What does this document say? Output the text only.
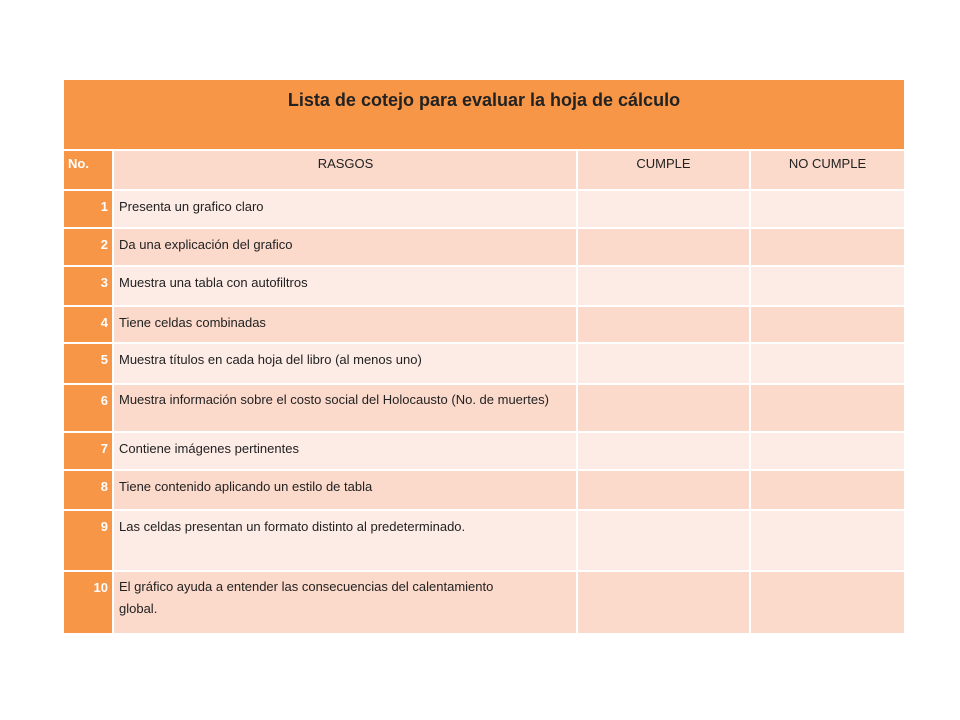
Lista de cotejo para evaluar la hoja de cálculo
No.	RASGOS	CUMPLE	NO CUMPLE
1 Presenta un grafico claro
2 Da una explicación del grafico
3 Muestra una tabla con autofiltros
4 Tiene celdas combinadas
5 Muestra títulos en cada hoja del libro (al menos uno)
6 Muestra información sobre el costo social del Holocausto (No. de muertes)
7 Contiene imágenes pertinentes
8 Tiene contenido aplicando un estilo de tabla
9 Las celdas presentan un formato distinto al predeterminado.
10 El gráfico ayuda a entender las consecuencias del calentamiento global.
